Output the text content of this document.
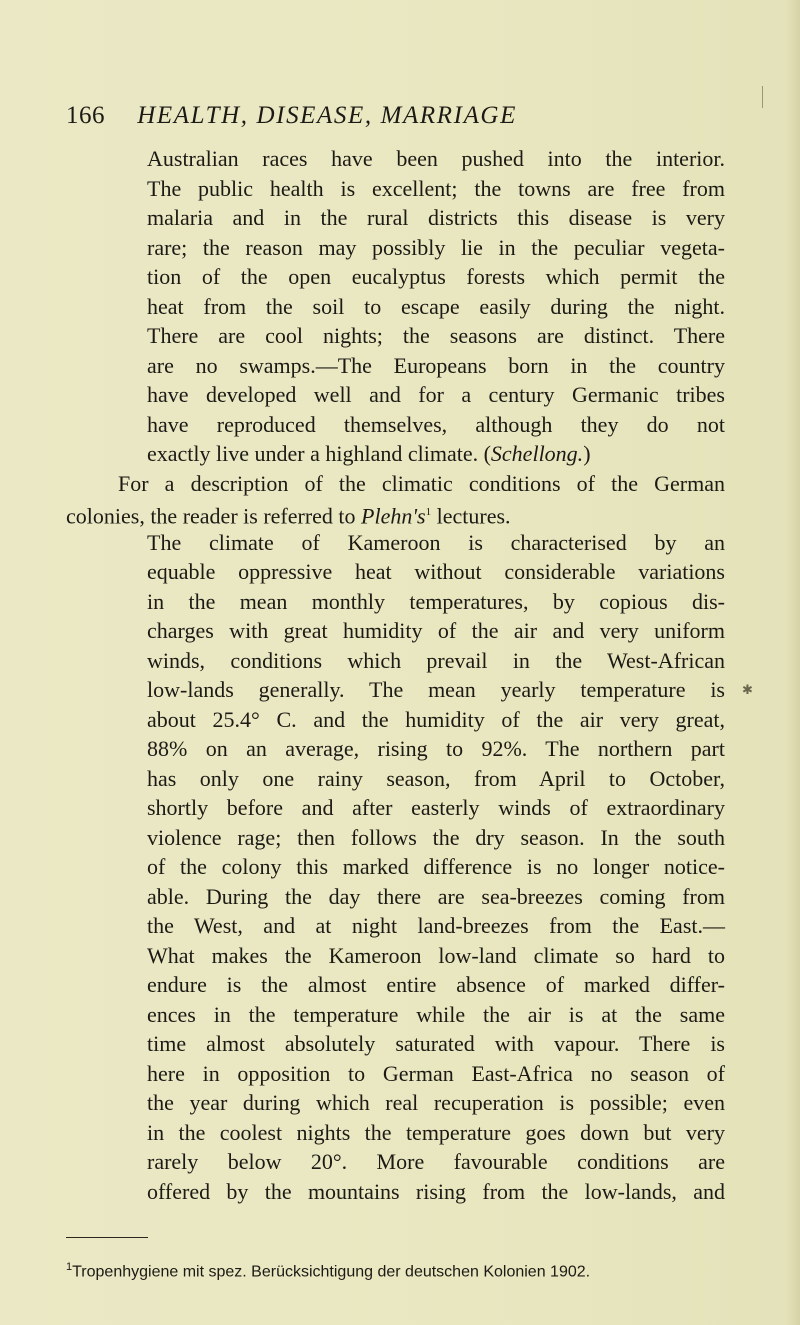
166 HEALTH, DISEASE, MARRIAGE
Australian races have been pushed into the interior.
The public health is excellent; the towns are free from
malaria and in the rural districts this disease is very
rare; the reason may possibly lie in the peculiar vegeta-
tion of the open eucalyptus forests which permit the
heat from the soil to escape easily during the night.
There are cool nights; the seasons are distinct. There
are no swamps.—The Europeans born in the country
have developed well and for a century Germanic tribes
have reproduced themselves, although they do not
exactly live under a highland climate. (Schellong.)
For a description of the climatic conditions of the German
colonies, the reader is referred to Plehn's$^1$ lectures.
The climate of Kameroon is characterised by an
equable oppressive heat without considerable variations
in the mean monthly temperatures, by copious dis-
charges with great humidity of the air and very uniform
winds, conditions which prevail in the West-African
low-lands generally. The mean yearly temperature is
about 25.4° C. and the humidity of the air very great,
88% on an average, rising to 92%. The northern part
has only one rainy season, from April to October,
shortly before and after easterly winds of extraordinary
violence rage; then follows the dry season. In the south
of the colony this marked difference is no longer notice-
able. During the day there are sea-breezes coming from
the West, and at night land-breezes from the East.—
What makes the Kameroon low-land climate so hard to
endure is the almost entire absence of marked differ-
ences in the temperature while the air is at the same
time almost absolutely saturated with vapour. There is
here in opposition to German East-Africa no season of
the year during which real recuperation is possible; even
in the coolest nights the temperature goes down but very
rarely below 20°. More favourable conditions are
offered by the mountains rising from the low-lands, and
✱
$^1$Tropenhygiene mit spez. Berücksichtigung der deutschen Kolonien 1902.
